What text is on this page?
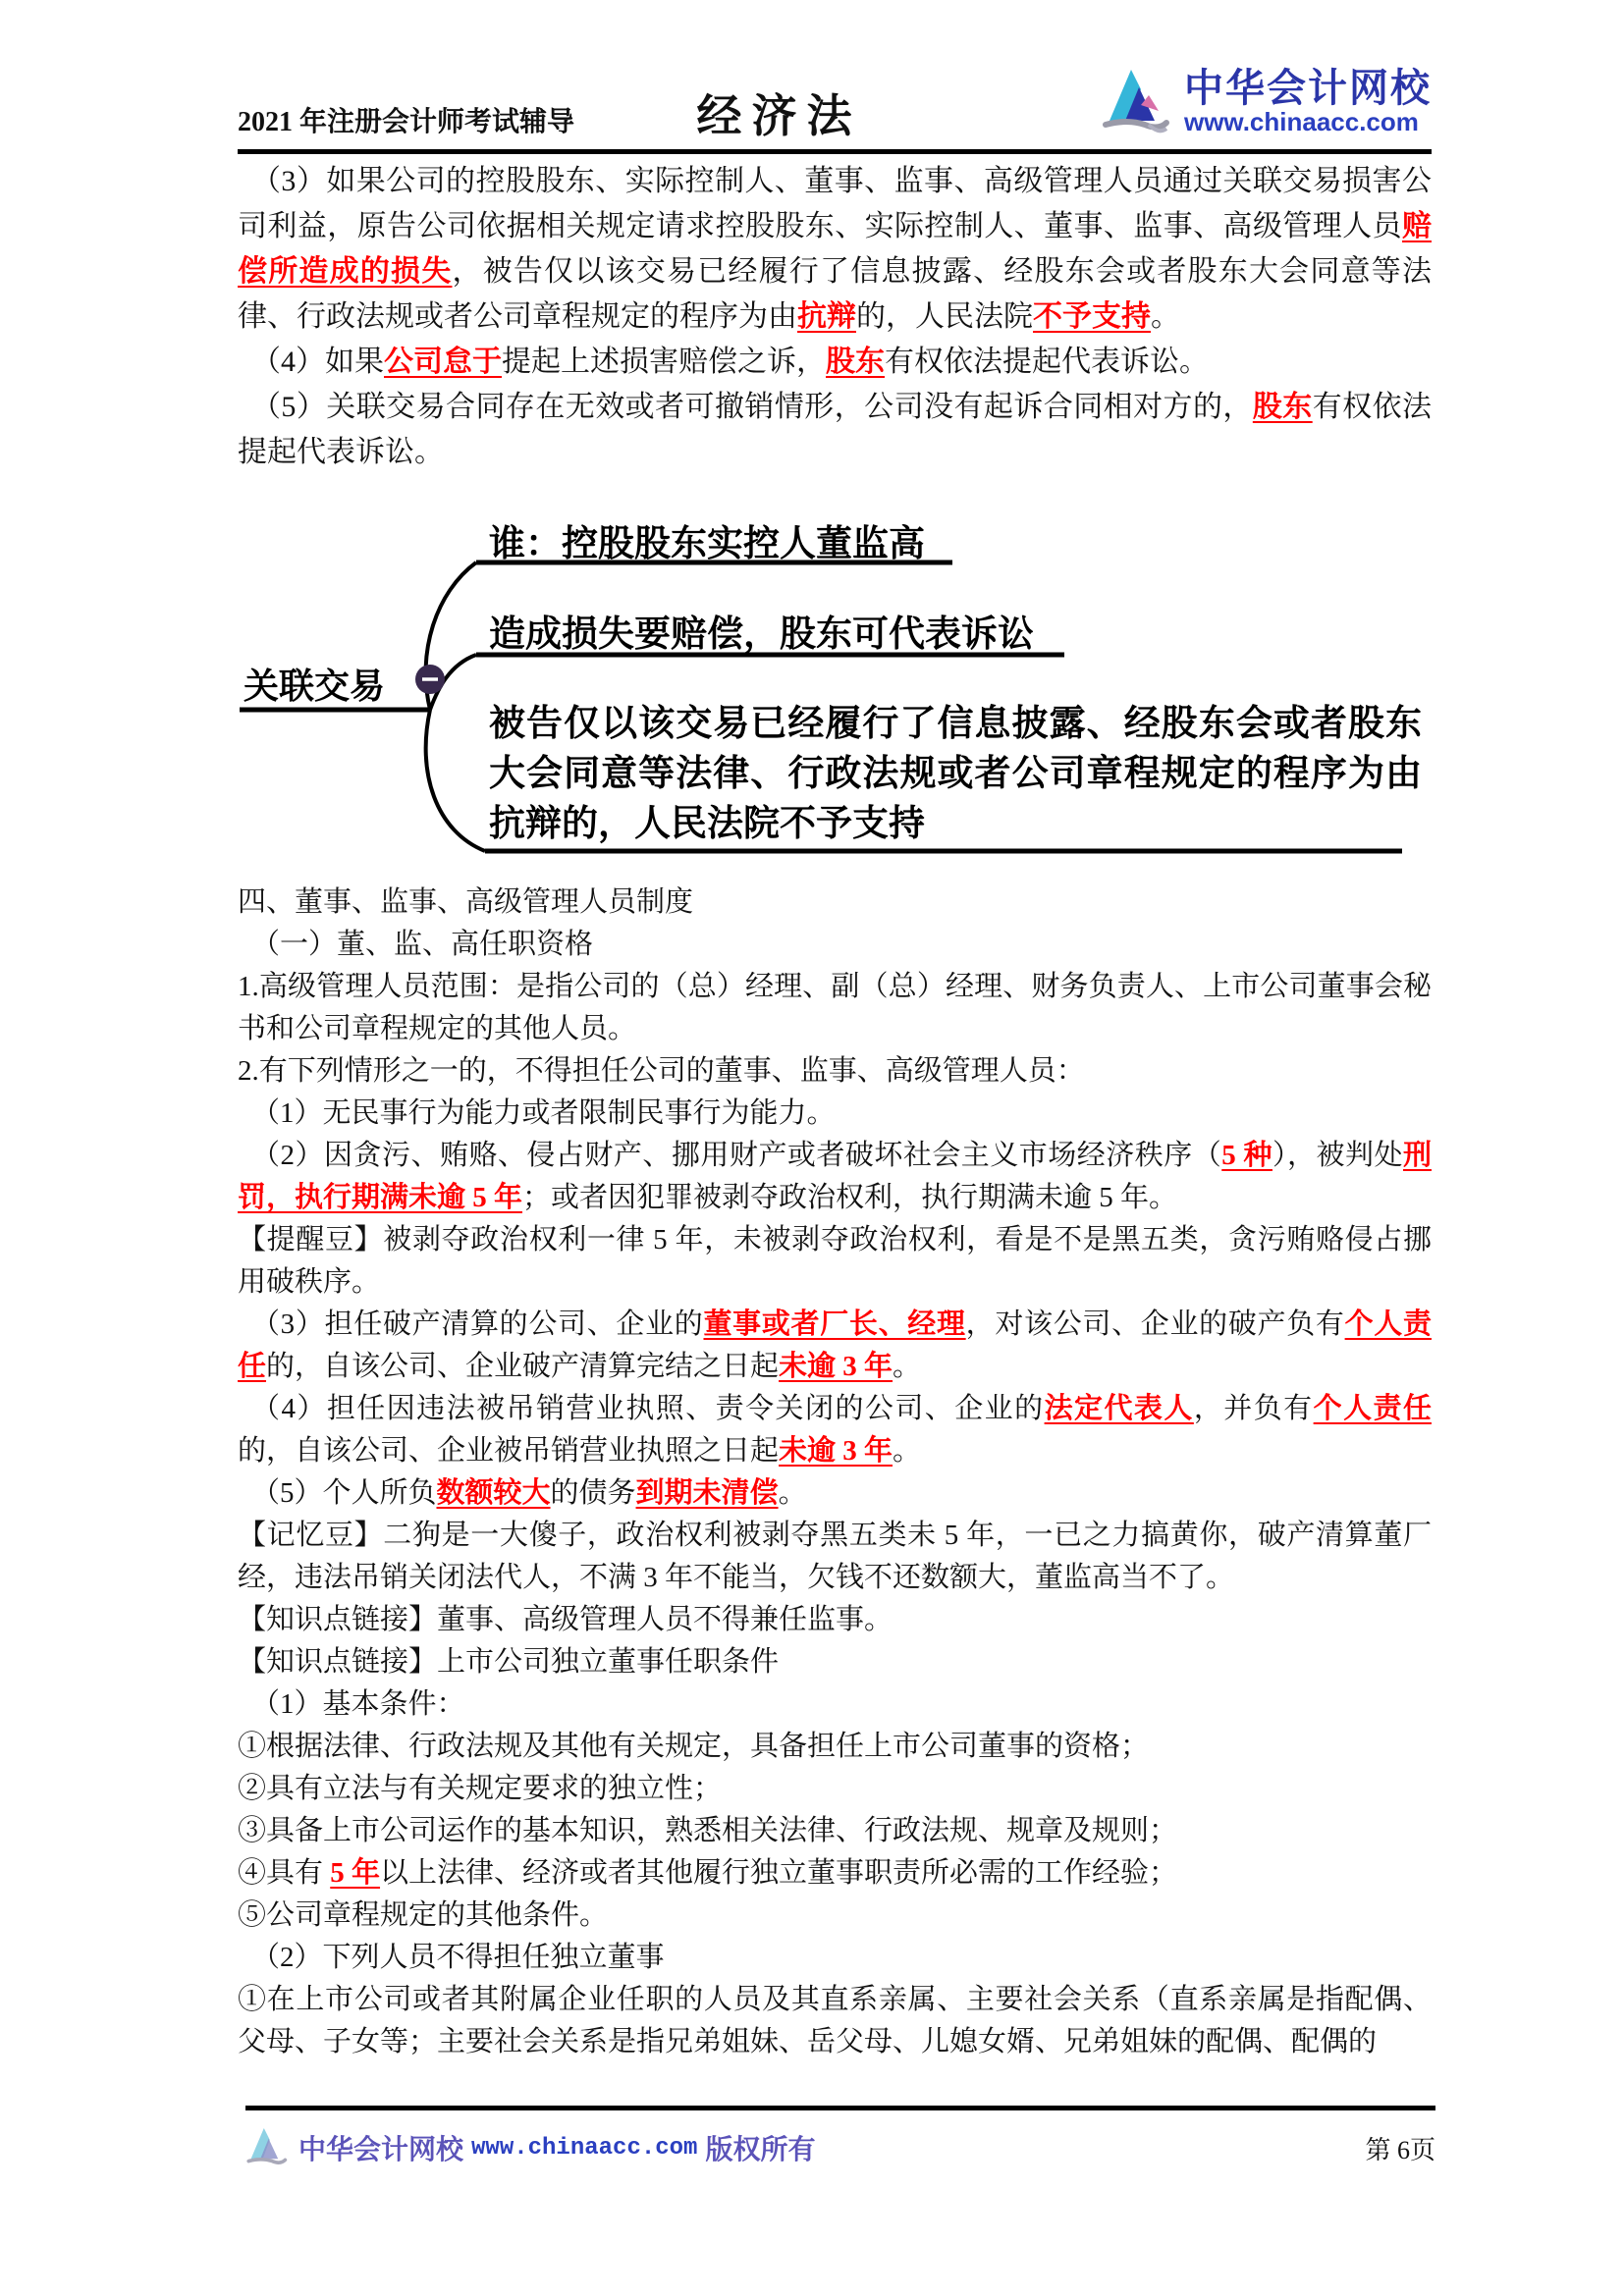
2021 年注册会计师考试辅导	经济法
中华会计网校
www.chinaacc.com
（3）如果公司的控股股东、实际控制人、董事、监事、高级管理人员通过关联交易损害公司利益，原告公司依据相关规定请求控股股东、实际控制人、董事、监事、高级管理人员赔偿所造成的损失，被告仅以该交易已经履行了信息披露、经股东会或者股东大会同意等法律、行政法规或者公司章程规定的程序为由抗辩的，人民法院不予支持。
（4）如果公司怠于提起上述损害赔偿之诉，股东有权依法提起代表诉讼。
（5）关联交易合同存在无效或者可撤销情形，公司没有起诉合同相对方的，股东有权依法提起代表诉讼。
关联交易
谁：控股股东实控人董监高
造成损失要赔偿，股东可代表诉讼
被告仅以该交易已经履行了信息披露、经股东会或者股东大会同意等法律、行政法规或者公司章程规定的程序为由抗辩的，人民法院不予支持
四、董事、监事、高级管理人员制度
（一）董、监、高任职资格
1.高级管理人员范围：是指公司的（总）经理、副（总）经理、财务负责人、上市公司董事会秘书和公司章程规定的其他人员。
2.有下列情形之一的，不得担任公司的董事、监事、高级管理人员：
（1）无民事行为能力或者限制民事行为能力。
（2）因贪污、贿赂、侵占财产、挪用财产或者破坏社会主义市场经济秩序（5 种），被判处刑罚，执行期满未逾 5 年；或者因犯罪被剥夺政治权利，执行期满未逾 5 年。
【提醒豆】被剥夺政治权利一律 5 年，未被剥夺政治权利，看是不是黑五类，贪污贿赂侵占挪用破秩序。
（3）担任破产清算的公司、企业的董事或者厂长、经理，对该公司、企业的破产负有个人责任的，自该公司、企业破产清算完结之日起未逾 3 年。
（4）担任因违法被吊销营业执照、责令关闭的公司、企业的法定代表人，并负有个人责任的，自该公司、企业被吊销营业执照之日起未逾 3 年。
（5）个人所负数额较大的债务到期未清偿。
【记忆豆】二狗是一大傻子，政治权利被剥夺黑五类未 5 年，一已之力搞黄你，破产清算董厂经，违法吊销关闭法代人，不满 3 年不能当，欠钱不还数额大，董监高当不了。
【知识点链接】董事、高级管理人员不得兼任监事。
【知识点链接】上市公司独立董事任职条件
（1）基本条件：
①根据法律、行政法规及其他有关规定，具备担任上市公司董事的资格；
②具有立法与有关规定要求的独立性；
③具备上市公司运作的基本知识，熟悉相关法律、行政法规、规章及规则；
④具有 5 年以上法律、经济或者其他履行独立董事职责所必需的工作经验；
⑤公司章程规定的其他条件。
（2）下列人员不得担任独立董事
①在上市公司或者其附属企业任职的人员及其直系亲属、主要社会关系（直系亲属是指配偶、父母、子女等；主要社会关系是指兄弟姐妹、岳父母、儿媳女婿、兄弟姐妹的配偶、配偶的
中华会计网校 www.chinaacc.com 版权所有	第 6页
